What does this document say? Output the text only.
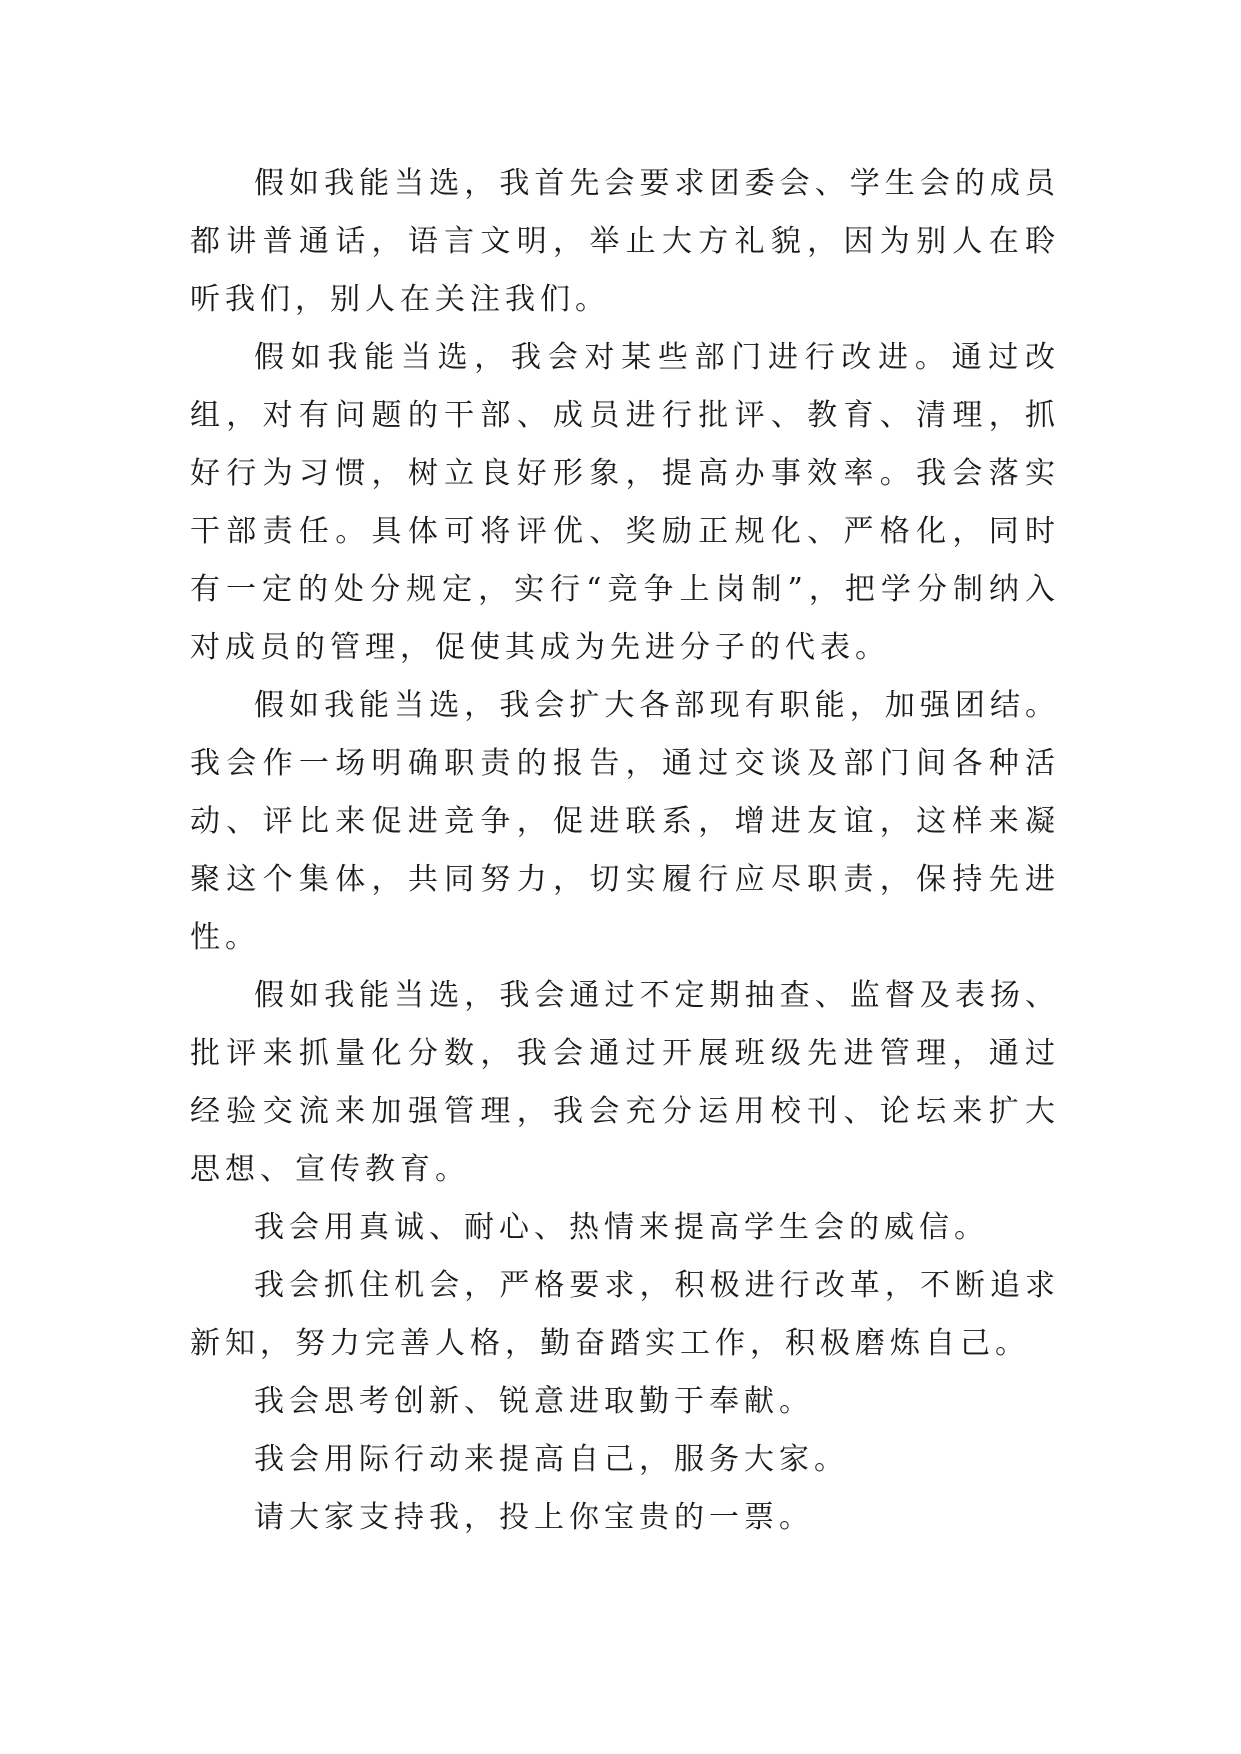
假如我能当选，我首先会要求团委会、学生会的成员都讲普通话，语言文明，举止大方礼貌，因为别人在聆听我们，别人在关注我们。

假如我能当选，我会对某些部门进行改进。通过改组，对有问题的干部、成员进行批评、教育、清理，抓好行为习惯，树立良好形象，提高办事效率。我会落实干部责任。具体可将评优、奖励正规化、严格化，同时有一定的处分规定，实行“竞争上岗制”，把学分制纳入对成员的管理，促使其成为先进分子的代表。

假如我能当选，我会扩大各部现有职能，加强团结。我会作一场明确职责的报告，通过交谈及部门间各种活动、评比来促进竞争，促进联系，增进友谊，这样来凝聚这个集体，共同努力，切实履行应尽职责，保持先进性。

假如我能当选，我会通过不定期抽查、监督及表扬、批评来抓量化分数，我会通过开展班级先进管理，通过经验交流来加强管理，我会充分运用校刊、论坛来扩大思想、宣传教育。

我会用真诚、耐心、热情来提高学生会的威信。

我会抓住机会，严格要求，积极进行改革，不断追求新知，努力完善人格，勤奋踏实工作，积极磨炼自己。

我会思考创新、锐意进取勤于奉献。

我会用际行动来提高自己，服务大家。

请大家支持我，投上你宝贵的一票。
